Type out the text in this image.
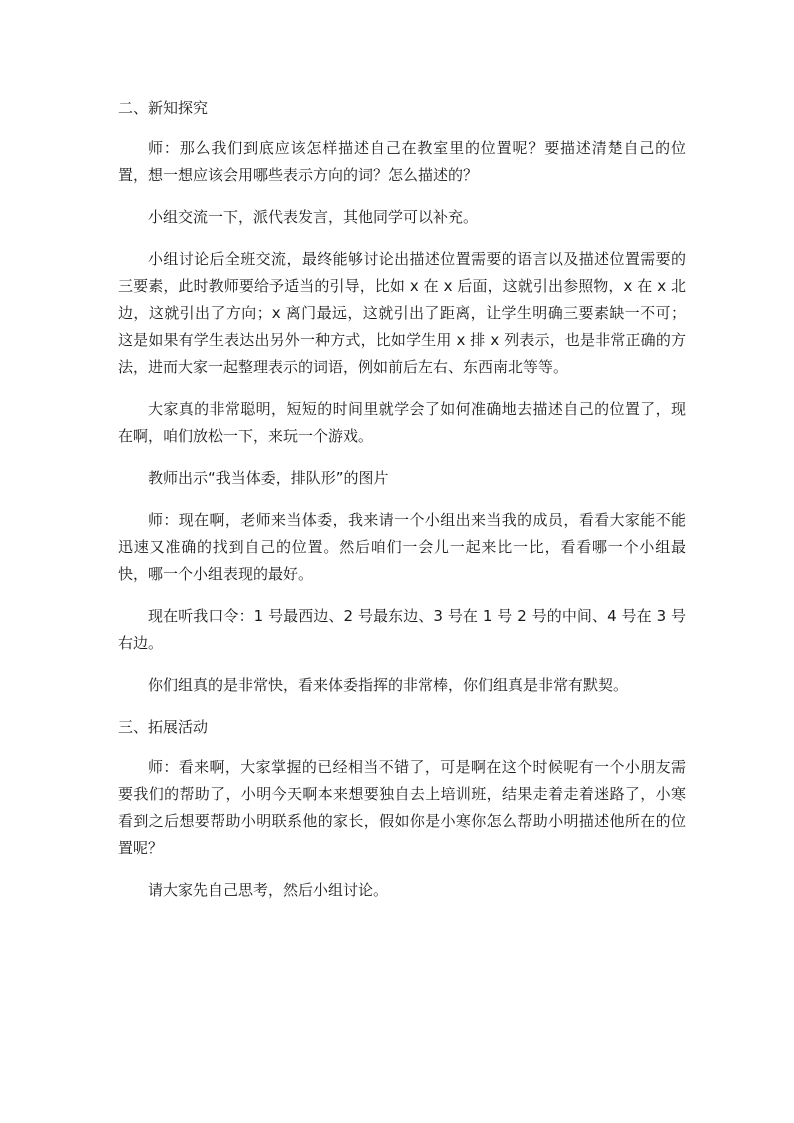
二、新知探究

师：那么我们到底应该怎样描述自己在教室里的位置呢？要描述清楚自己的位置，想一想应该会用哪些表示方向的词？怎么描述的？

小组交流一下，派代表发言，其他同学可以补充。

小组讨论后全班交流，最终能够讨论出描述位置需要的语言以及描述位置需要的三要素，此时教师要给予适当的引导，比如 x 在 x 后面，这就引出参照物，x 在 x 北边，这就引出了方向；x 离门最远，这就引出了距离，让学生明确三要素缺一不可；这是如果有学生表达出另外一种方式，比如学生用 x 排 x 列表示，也是非常正确的方法，进而大家一起整理表示的词语，例如前后左右、东西南北等等。

大家真的非常聪明，短短的时间里就学会了如何准确地去描述自己的位置了，现在啊，咱们放松一下，来玩一个游戏。

教师出示“我当体委，排队形”的图片

师：现在啊，老师来当体委，我来请一个小组出来当我的成员，看看大家能不能迅速又准确的找到自己的位置。然后咱们一会儿一起来比一比，看看哪一个小组最快，哪一个小组表现的最好。

现在听我口令：1 号最西边、2 号最东边、3 号在 1 号 2 号的中间、4 号在 3 号右边。

你们组真的是非常快，看来体委指挥的非常棒，你们组真是非常有默契。

三、拓展活动

师：看来啊，大家掌握的已经相当不错了，可是啊在这个时候呢有一个小朋友需要我们的帮助了，小明今天啊本来想要独自去上培训班，结果走着走着迷路了，小寒看到之后想要帮助小明联系他的家长，假如你是小寒你怎么帮助小明描述他所在的位置呢？

请大家先自己思考，然后小组讨论。
